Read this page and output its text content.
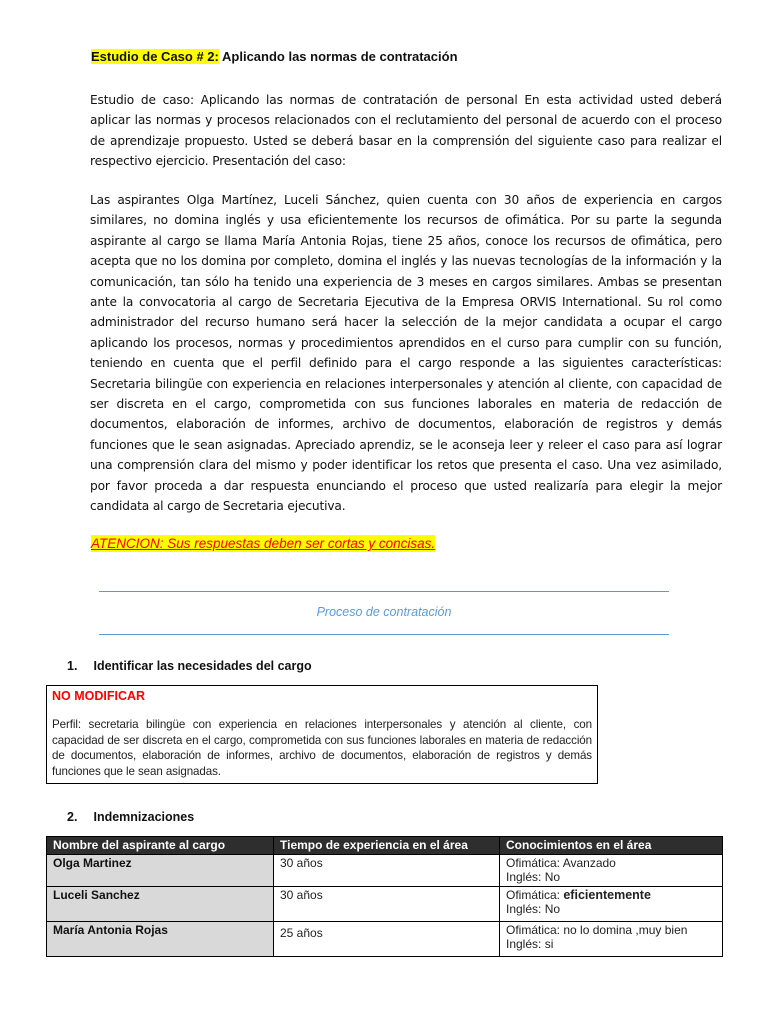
Estudio de Caso # 2: Aplicando las normas de contratación
Estudio de caso: Aplicando las normas de contratación de personal En esta actividad usted deberá aplicar las normas y procesos relacionados con el reclutamiento del personal de acuerdo con el proceso de aprendizaje propuesto. Usted se deberá basar en la comprensión del siguiente caso para realizar el respectivo ejercicio. Presentación del caso:
Las aspirantes Olga Martínez, Luceli Sánchez, quien cuenta con 30 años de experiencia en cargos similares, no domina inglés y usa eficientemente los recursos de ofimática. Por su parte la segunda aspirante al cargo se llama María Antonia Rojas, tiene 25 años, conoce los recursos de ofimática, pero acepta que no los domina por completo, domina el inglés y las nuevas tecnologías de la información y la comunicación, tan sólo ha tenido una experiencia de 3 meses en cargos similares. Ambas se presentan ante la convocatoria al cargo de Secretaria Ejecutiva de la Empresa ORVIS International. Su rol como administrador del recurso humano será hacer la selección de la mejor candidata a ocupar el cargo aplicando los procesos, normas y procedimientos aprendidos en el curso para cumplir con su función, teniendo en cuenta que el perfil definido para el cargo responde a las siguientes características: Secretaria bilingüe con experiencia en relaciones interpersonales y atención al cliente, con capacidad de ser discreta en el cargo, comprometida con sus funciones laborales en materia de redacción de documentos, elaboración de informes, archivo de documentos, elaboración de registros y demás funciones que le sean asignadas. Apreciado aprendiz, se le aconseja leer y releer el caso para así lograr una comprensión clara del mismo y poder identificar los retos que presenta el caso. Una vez asimilado, por favor proceda a dar respuesta enunciando el proceso que usted realizaría para elegir la mejor candidata al cargo de Secretaria ejecutiva.
ATENCION: Sus respuestas deben ser cortas y concisas.
Proceso de contratación
1. Identificar las necesidades del cargo
NO MODIFICAR
Perfil: secretaria bilingüe con experiencia en relaciones interpersonales y atención al cliente, con capacidad de ser discreta en el cargo, comprometida con sus funciones laborales en materia de redacción de documentos, elaboración de informes, archivo de documentos, elaboración de registros y demás funciones que le sean asignadas.
2. Indemnizaciones
Nombre del aspirante al cargo	Tiempo de experiencia en el área	Conocimientos en el área
Olga Martinez	30 años	Ofimática: Avanzado
Inglés: No

Luceli Sanchez	30 años	Ofimática: eficientemente
Inglés: No

María Antonia Rojas	25 años	Ofimática: no lo domina ,muy bien
Inglés: si
